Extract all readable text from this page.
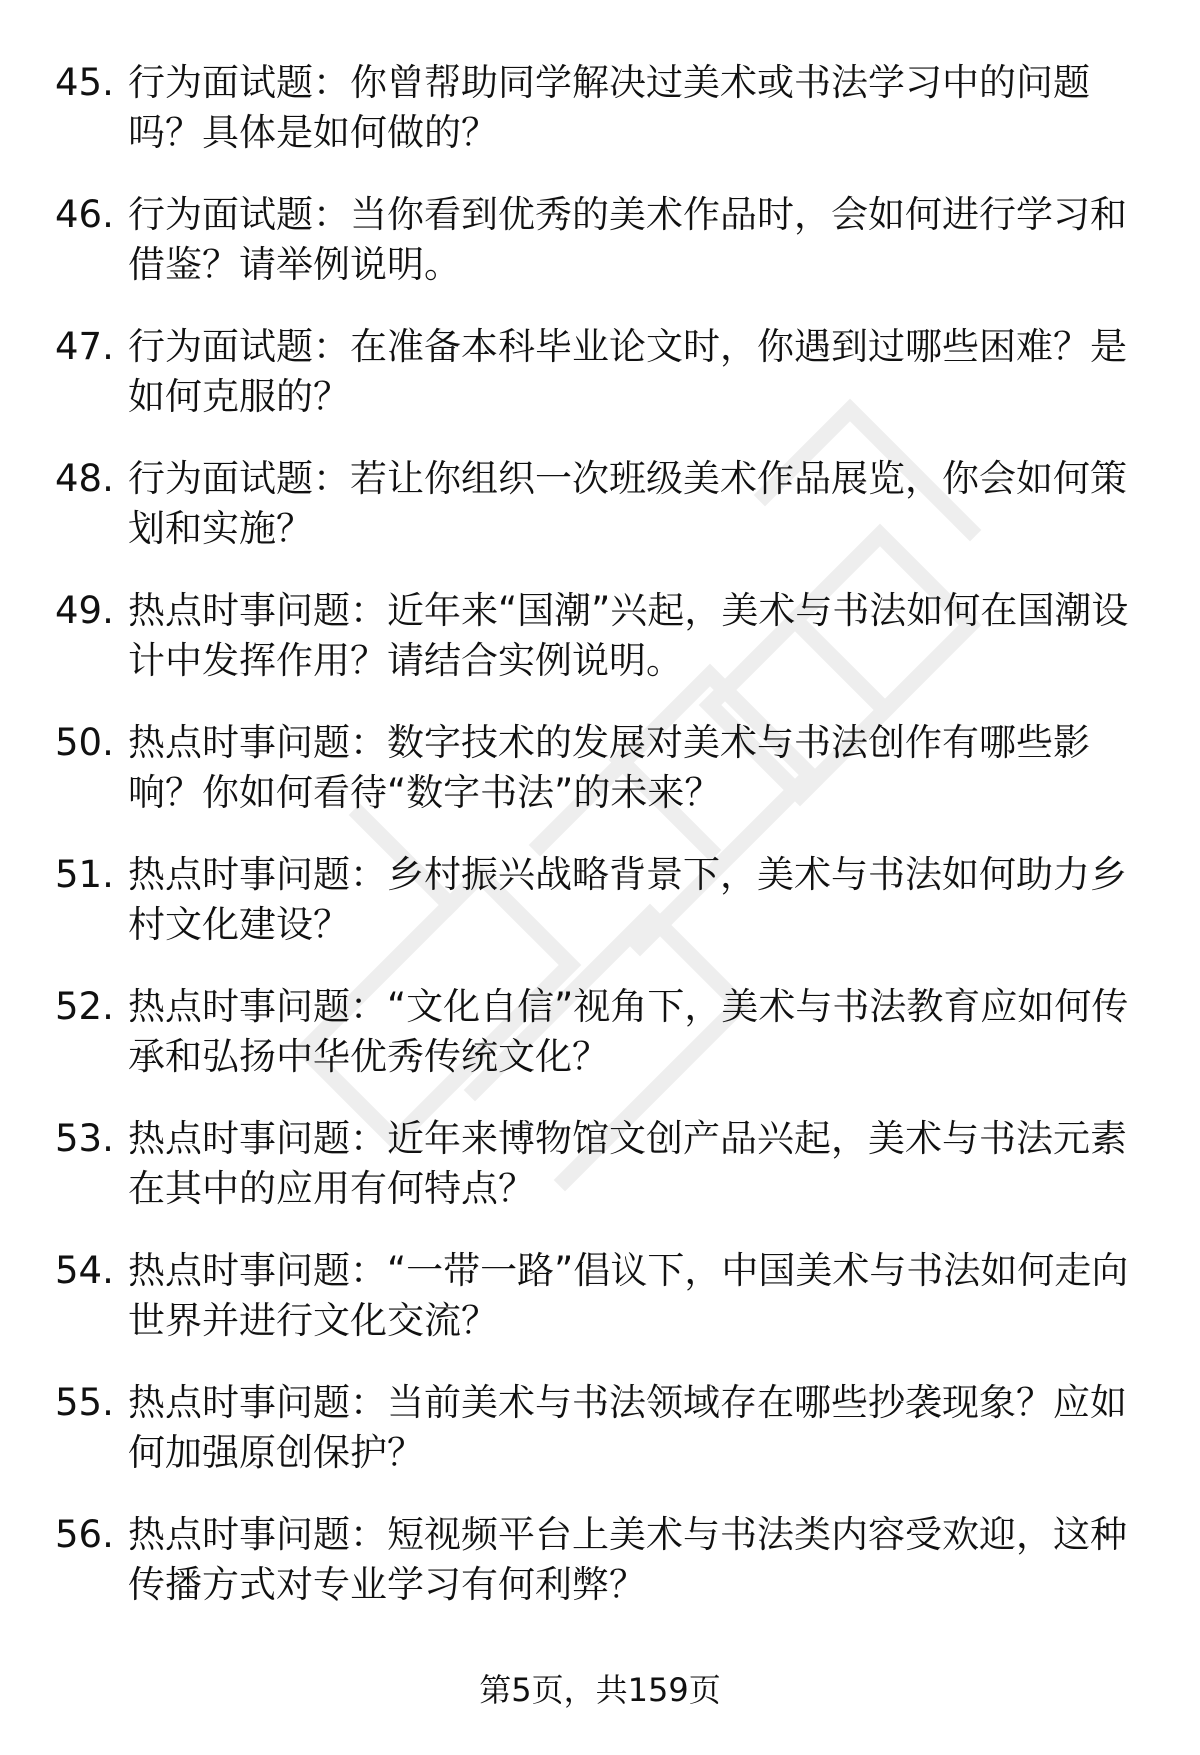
45. 行为面试题：你曾帮助同学解决过美术或书法学习中的问题吗？具体是如何做的？
46. 行为面试题：当你看到优秀的美术作品时，会如何进行学习和借鉴？请举例说明。
47. 行为面试题：在准备本科毕业论文时，你遇到过哪些困难？是如何克服的？
48. 行为面试题：若让你组织一次班级美术作品展览，你会如何策划和实施？
49. 热点时事问题：近年来“国潮”兴起，美术与书法如何在国潮设计中发挥作用？请结合实例说明。
50. 热点时事问题：数字技术的发展对美术与书法创作有哪些影响？你如何看待“数字书法”的未来？
51. 热点时事问题：乡村振兴战略背景下，美术与书法如何助力乡村文化建设？
52. 热点时事问题：“文化自信”视角下，美术与书法教育应如何传承和弘扬中华优秀传统文化？
53. 热点时事问题：近年来博物馆文创产品兴起，美术与书法元素在其中的应用有何特点？
54. 热点时事问题：“一带一路”倡议下，中国美术与书法如何走向世界并进行文化交流？
55. 热点时事问题：当前美术与书法领域存在哪些抄袭现象？应如何加强原创保护？
56. 热点时事问题：短视频平台上美术与书法类内容受欢迎，这种传播方式对专业学习有何利弊？
第5页，共159页
